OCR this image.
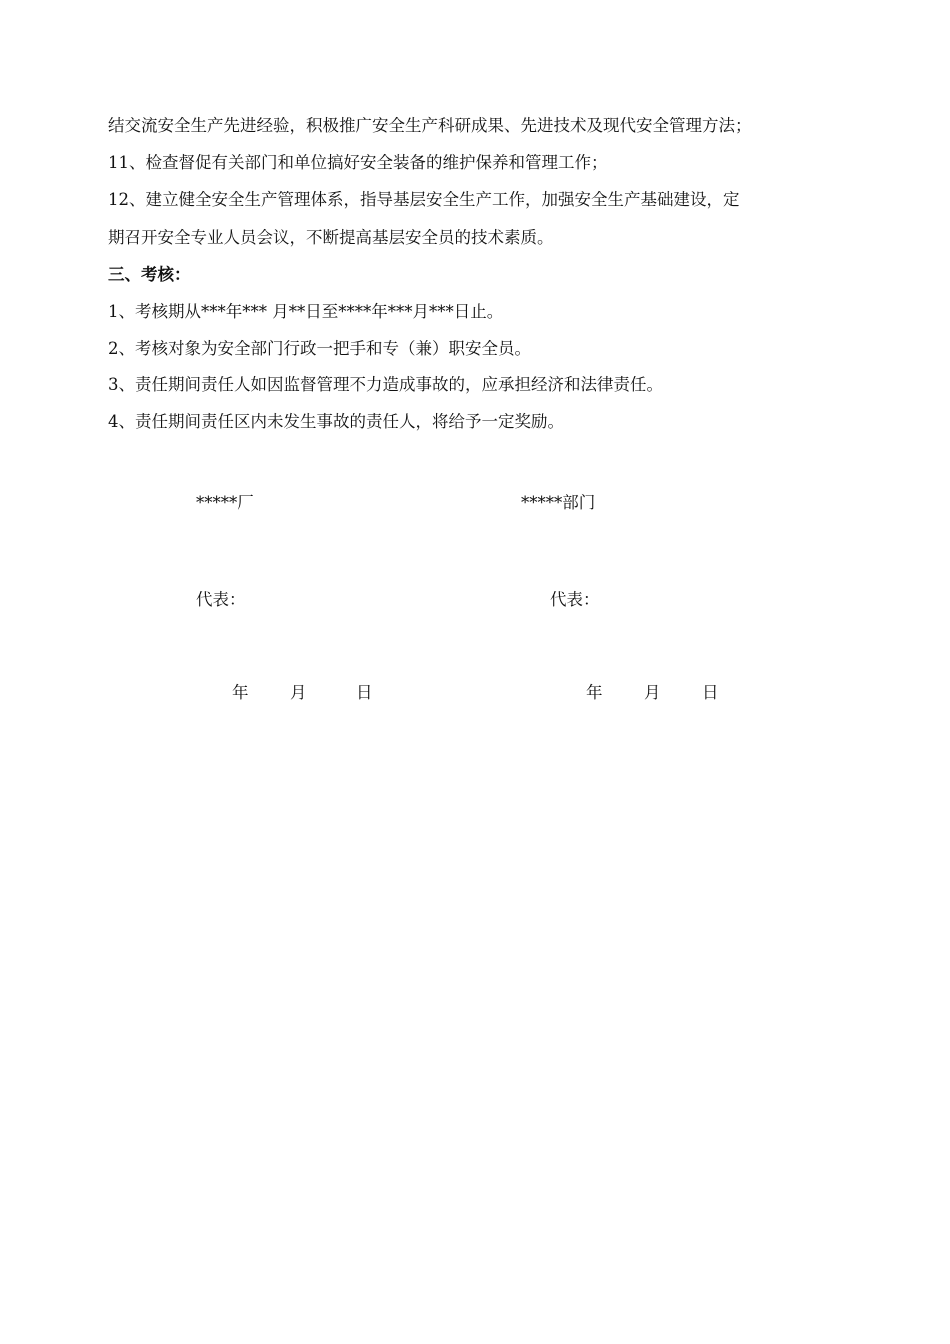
结交流安全生产先进经验，积极推广安全生产科研成果、先进技术及现代安全管理方法；
11、检查督促有关部门和单位搞好安全装备的维护保养和管理工作；
12、建立健全安全生产管理体系，指导基层安全生产工作，加强安全生产基础建设，定
期召开安全专业人员会议，不断提高基层安全员的技术素质。
三、考核：
1、考核期从***年*** 月**日至****年***月***日止。
2、考核对象为安全部门行政一把手和专（兼）职安全员。
3、责任期间责任人如因监督管理不力造成事故的，应承担经济和法律责任。
4、责任期间责任区内未发生事故的责任人，将给予一定奖励。
*****厂
代表：
年	月	日
*****部门
代表：
年	月	日
